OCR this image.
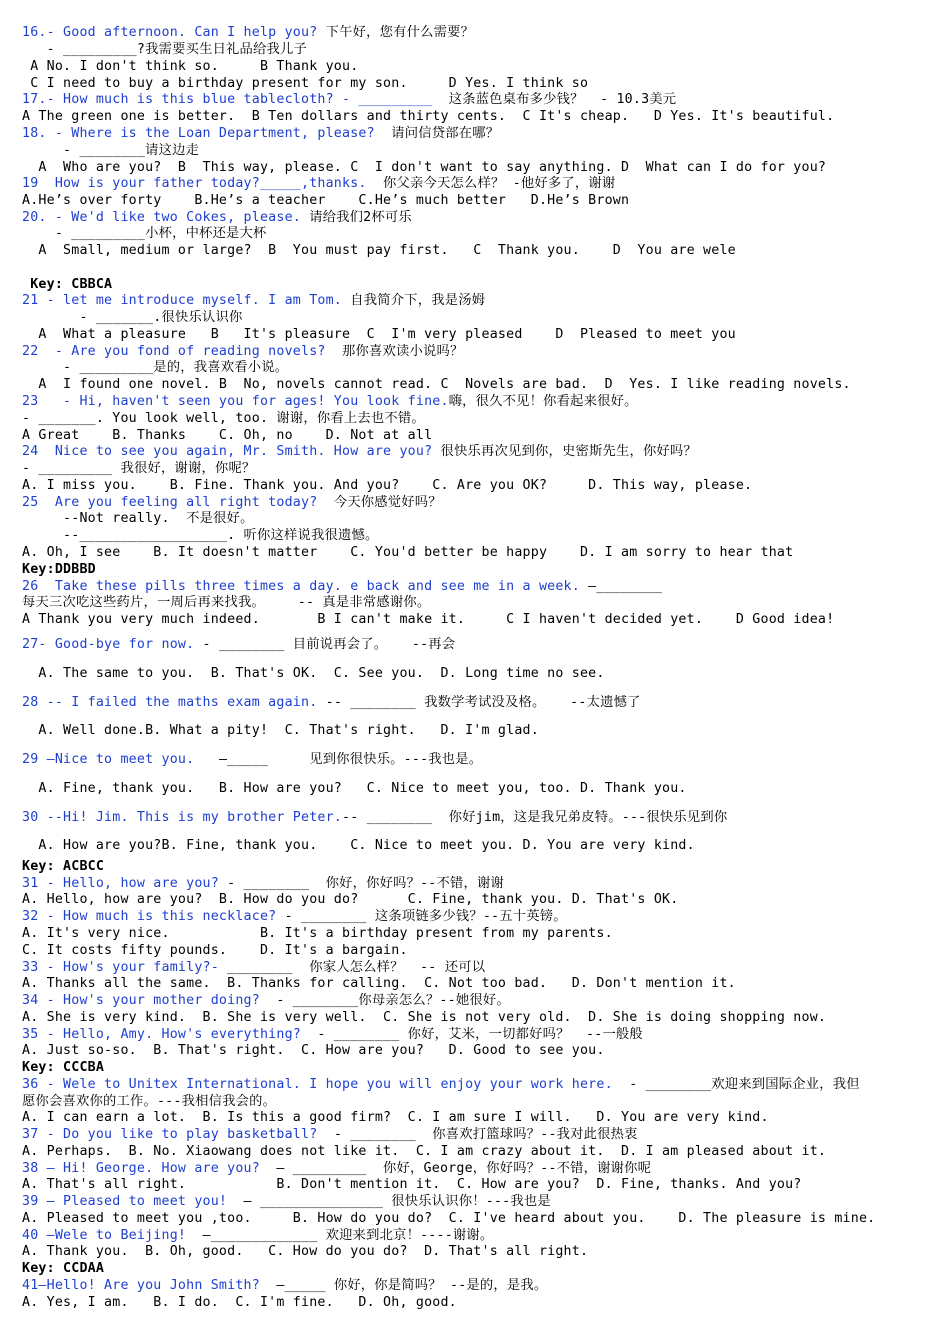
16.- Good afternoon. Can I help you? 下午好，您有什么需要？
- _________?我需要买生日礼品给我儿子
A No. I don't think so.     B Thank you.
C I need to buy a birthday present for my son.     D Yes. I think so
17.- How much is this blue tablecloth? - _________  这条蓝色桌布多少钱？  - 10.3美元
A The green one is better.  B Ten dollars and thirty cents.  C It's cheap.   D Yes. It's beautiful.
18. - Where is the Loan Department, please?  请问信贷部在哪？
- ________请这边走
A  Who are you?  B  This way, please. C  I don't want to say anything. D  What can I do for you?
19  How is your father today?_____,thanks.  你父亲今天怎么样？ -他好多了，谢谢
A.He’s over forty    B.He’s a teacher    C.He’s much better   D.He’s Brown
20. - We'd like two Cokes, please. 请给我们2杯可乐
- _________小杯，中杯还是大杯
A  Small, medium or large?  B  You must pay first.   C  Thank you.    D  You are wele
Key: CBBCA
21 - let me introduce myself. I am Tom. 自我简介下，我是汤姆
- _______.很快乐认识你
A  What a pleasure   B   It's pleasure  C  I'm very pleased    D  Pleased to meet you
22  - Are you fond of reading novels?  那你喜欢读小说吗？
- _________是的，我喜欢看小说。
A  I found one novel. B  No, novels cannot read. C  Novels are bad.  D  Yes. I like reading novels.
23   - Hi, haven't seen you for ages! You look fine.嗨，很久不见！你看起来很好。
- _______. You look well, too. 谢谢，你看上去也不错。
A Great    B. Thanks    C. Oh, no    D. Not at all
24  Nice to see you again, Mr. Smith. How are you? 很快乐再次见到你，史密斯先生，你好吗？
- _________ 我很好，谢谢，你呢？
A. I miss you.    B. Fine. Thank you. And you?    C. Are you OK?     D. This way, please.
25  Are you feeling all right today?  今天你感觉好吗？
--Not really.  不是很好。
--__________________. 听你这样说我很遗憾。
A. Oh, I see    B. It doesn't matter    C. You'd better be happy    D. I am sorry to hear that
Key:DDBBD
26  Take these pills three times a day. e back and see me in a week. —________
每天三次吃这些药片，一周后再来找我。    -- 真是非常感谢你。
A Thank you very much indeed.       B I can't make it.     C I haven't decided yet.    D Good idea!
27- Good-bye for now. - ________ 目前说再会了。   --再会
A. The same to you.  B. That's OK.  C. See you.  D. Long time no see.
28 -- I failed the maths exam again. -- ________ 我数学考试没及格。   --太遗憾了
A. Well done.B. What a pity!  C. That's right.   D. I'm glad.
29 —Nice to meet you.   —_____     见到你很快乐。---我也是。
A. Fine, thank you.   B. How are you?   C. Nice to meet you, too. D. Thank you.
30 --Hi! Jim. This is my brother Peter.-- ________  你好jim，这是我兄弟皮特。---很快乐见到你
A. How are you?B. Fine, thank you.    C. Nice to meet you. D. You are very kind.
Key: ACBCC
31 - Hello, how are you? - ________  你好，你好吗？--不错，谢谢
A. Hello, how are you?  B. How do you do?      C. Fine, thank you. D. That's OK.
32 - How much is this necklace? - ________ 这条项链多少钱？--五十英镑。
A. It's very nice.           B. It's a birthday present from my parents.
C. It costs fifty pounds.    D. It's a bargain.
33 - How's your family?- ________  你家人怎么样？  -- 还可以
A. Thanks all the same.  B. Thanks for calling.  C. Not too bad.   D. Don't mention it.
34 - How's your mother doing?  - ________你母亲怎么？--她很好。
A. She is very kind.  B. She is very well.  C. She is not very old.  D. She is doing shopping now.
35 - Hello, Amy. How's everything?  - ________ 你好，艾米，一切都好吗？  --一般般
A. Just so-so.  B. That's right.  C. How are you?   D. Good to see you.
Key: CCCBA
36 - Wele to Unitex International. I hope you will enjoy your work here.  - ________欢迎来到国际企业，我但
愿你会喜欢你的工作。---我相信我会的。
A. I can earn a lot.  B. Is this a good firm?  C. I am sure I will.   D. You are very kind.
37 - Do you like to play basketball?  - ________  你喜欢打篮球吗？--我对此很热衷
A. Perhaps.  B. No. Xiaowang does not like it.  C. I am crazy about it.  D. I am pleased about it.
38 — Hi! George. How are you?  — _________  你好，George，你好吗？--不错，谢谢你呢
A. That's all right.           B. Don't mention it.  C. How are you?  D. Fine, thanks. And you?
39 — Pleased to meet you!  — _______________ 很快乐认识你！---我也是
A. Pleased to meet you ,too.     B. How do you do?  C. I've heard about you.    D. The pleasure is mine.
40 —Wele to Beijing!  —_____________ 欢迎来到北京！----谢谢。
A. Thank you.  B. Oh, good.   C. How do you do?  D. That's all right.
Key: CCDAA
41—Hello! Are you John Smith?  —_____ 你好，你是简吗？ --是的，是我。
A. Yes, I am.   B. I do.  C. I'm fine.   D. Oh, good.
